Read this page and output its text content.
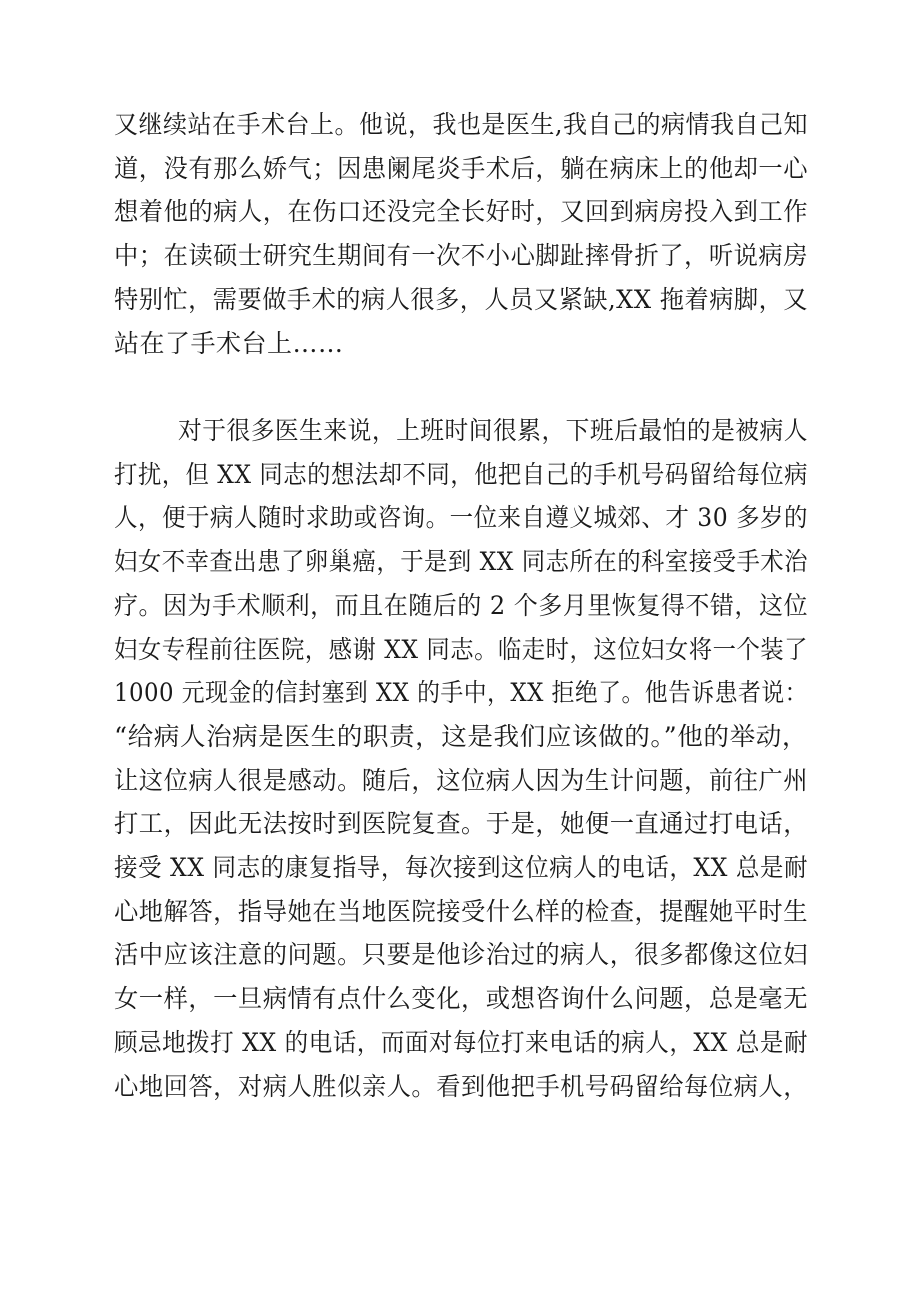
又继续站在手术台上。他说，我也是医生,我自己的病情我自己知
道，没有那么娇气；因患阑尾炎手术后，躺在病床上的他却一心
想着他的病人，在伤口还没完全长好时，又回到病房投入到工作
中；在读硕士研究生期间有一次不小心脚趾摔骨折了，听说病房
特别忙，需要做手术的病人很多，人员又紧缺,XX 拖着病脚，又
站在了手术台上……
对于很多医生来说，上班时间很累，下班后最怕的是被病人
打扰，但 XX 同志的想法却不同，他把自己的手机号码留给每位病
人，便于病人随时求助或咨询。一位来自遵义城郊、才 30 多岁的
妇女不幸查出患了卵巢癌，于是到 XX 同志所在的科室接受手术治
疗。因为手术顺利，而且在随后的 2 个多月里恢复得不错，这位
妇女专程前往医院，感谢 XX 同志。临走时，这位妇女将一个装了
1000 元现金的信封塞到 XX 的手中，XX 拒绝了。他告诉患者说：
“给病人治病是医生的职责，这是我们应该做的。”他的举动，
让这位病人很是感动。随后，这位病人因为生计问题，前往广州
打工，因此无法按时到医院复查。于是，她便一直通过打电话，
接受 XX 同志的康复指导，每次接到这位病人的电话，XX 总是耐
心地解答，指导她在当地医院接受什么样的检查，提醒她平时生
活中应该注意的问题。只要是他诊治过的病人，很多都像这位妇
女一样，一旦病情有点什么变化，或想咨询什么问题，总是毫无
顾忌地拨打 XX 的电话，而面对每位打来电话的病人，XX 总是耐
心地回答，对病人胜似亲人。看到他把手机号码留给每位病人，
